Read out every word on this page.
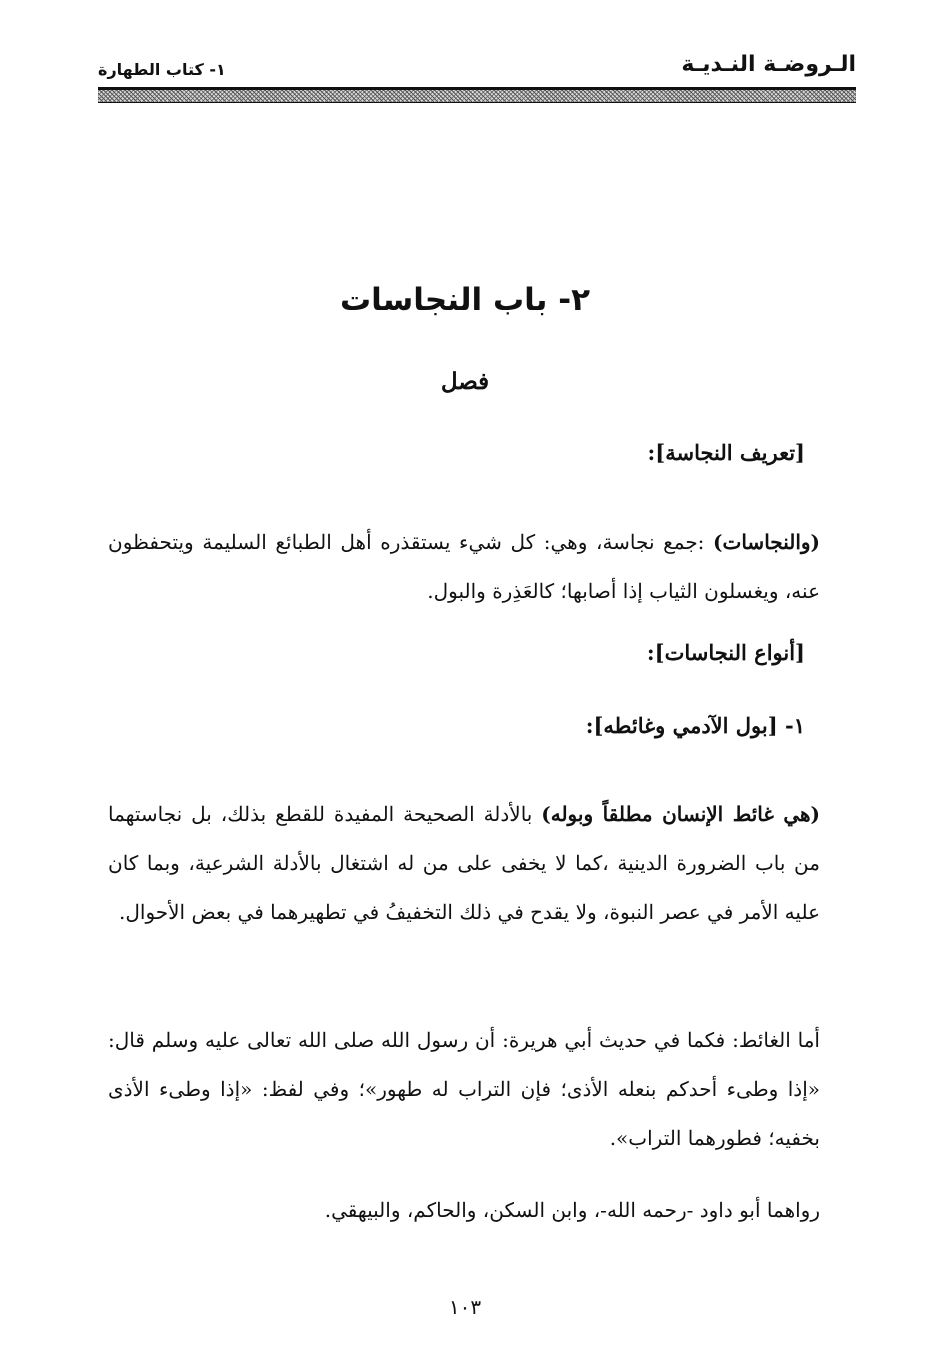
الـروضـة النـديـة
١- كتاب الطهارة
٢- باب النجاسات
فصل
[تعريف النجاسة]:
(والنجاسات) :جمع نجاسة، وهي: كل شيء يستقذره أهل الطبائع السليمة ويتحفظون عنه، ويغسلون الثياب إذا أصابها؛ كالعَذِرة والبول.
[أنواع النجاسات]:
١- [بول الآدمي وغائطه]:
(هي غائط الإنسان مطلقاً وبوله) بالأدلة الصحيحة المفيدة للقطع بذلك، بل نجاستهما من باب الضرورة الدينية ،كما لا يخفى على من له اشتغال بالأدلة الشرعية، وبما كان عليه الأمر في عصر النبوة، ولا يقدح في ذلك التخفيفُ في تطهيرهما في بعض الأحوال.
أما الغائط: فكما في حديث أبي هريرة: أن رسول الله صلى الله تعالى عليه وسلم قال: «إذا وطىء أحدكم بنعله الأذى؛ فإن التراب له طهور»؛ وفي لفظ: «إذا وطىء الأذى بخفيه؛ فطورهما التراب».
رواهما أبو داود -رحمه الله-، وابن السكن، والحاكم، والبيهقي.
١٠٣
